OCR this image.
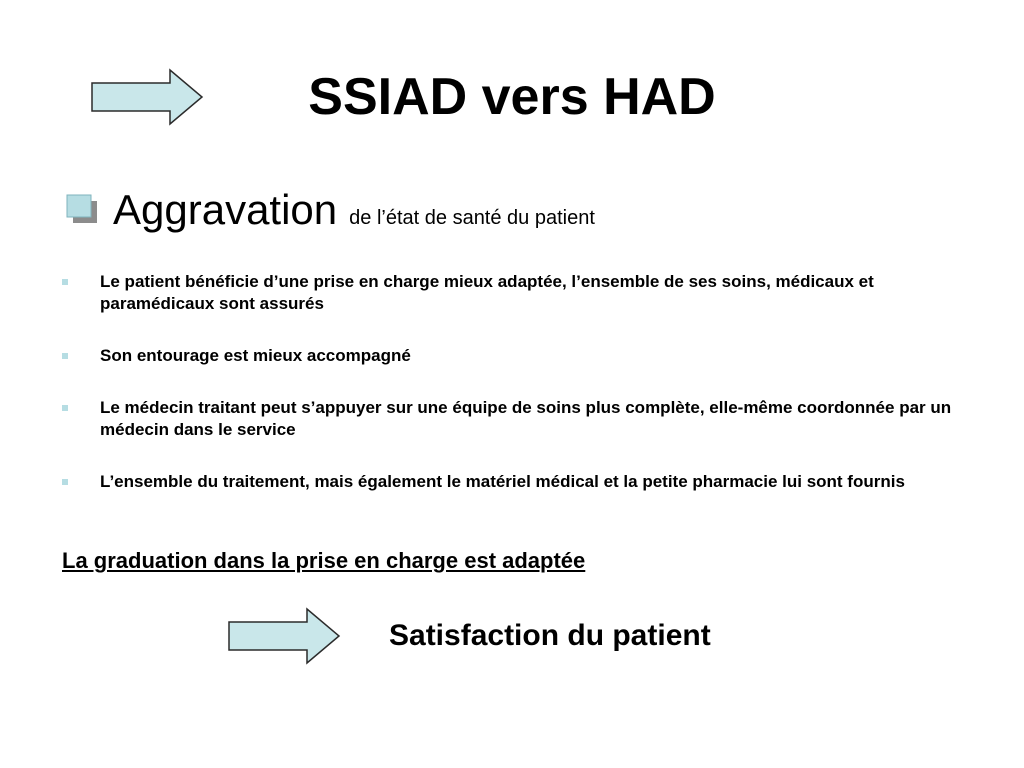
SSIAD vers HAD
Aggravation de l’état de santé du patient
Le patient bénéficie d’une prise en charge mieux adaptée, l’ensemble de ses soins, médicaux et paramédicaux sont assurés
Son entourage est mieux accompagné
Le médecin traitant peut s’appuyer sur une équipe de soins plus complète, elle-même coordonnée par un médecin dans le service
L’ensemble du traitement, mais également le matériel médical et la petite pharmacie lui sont fournis
La graduation dans la prise en charge est adaptée
Satisfaction du patient
